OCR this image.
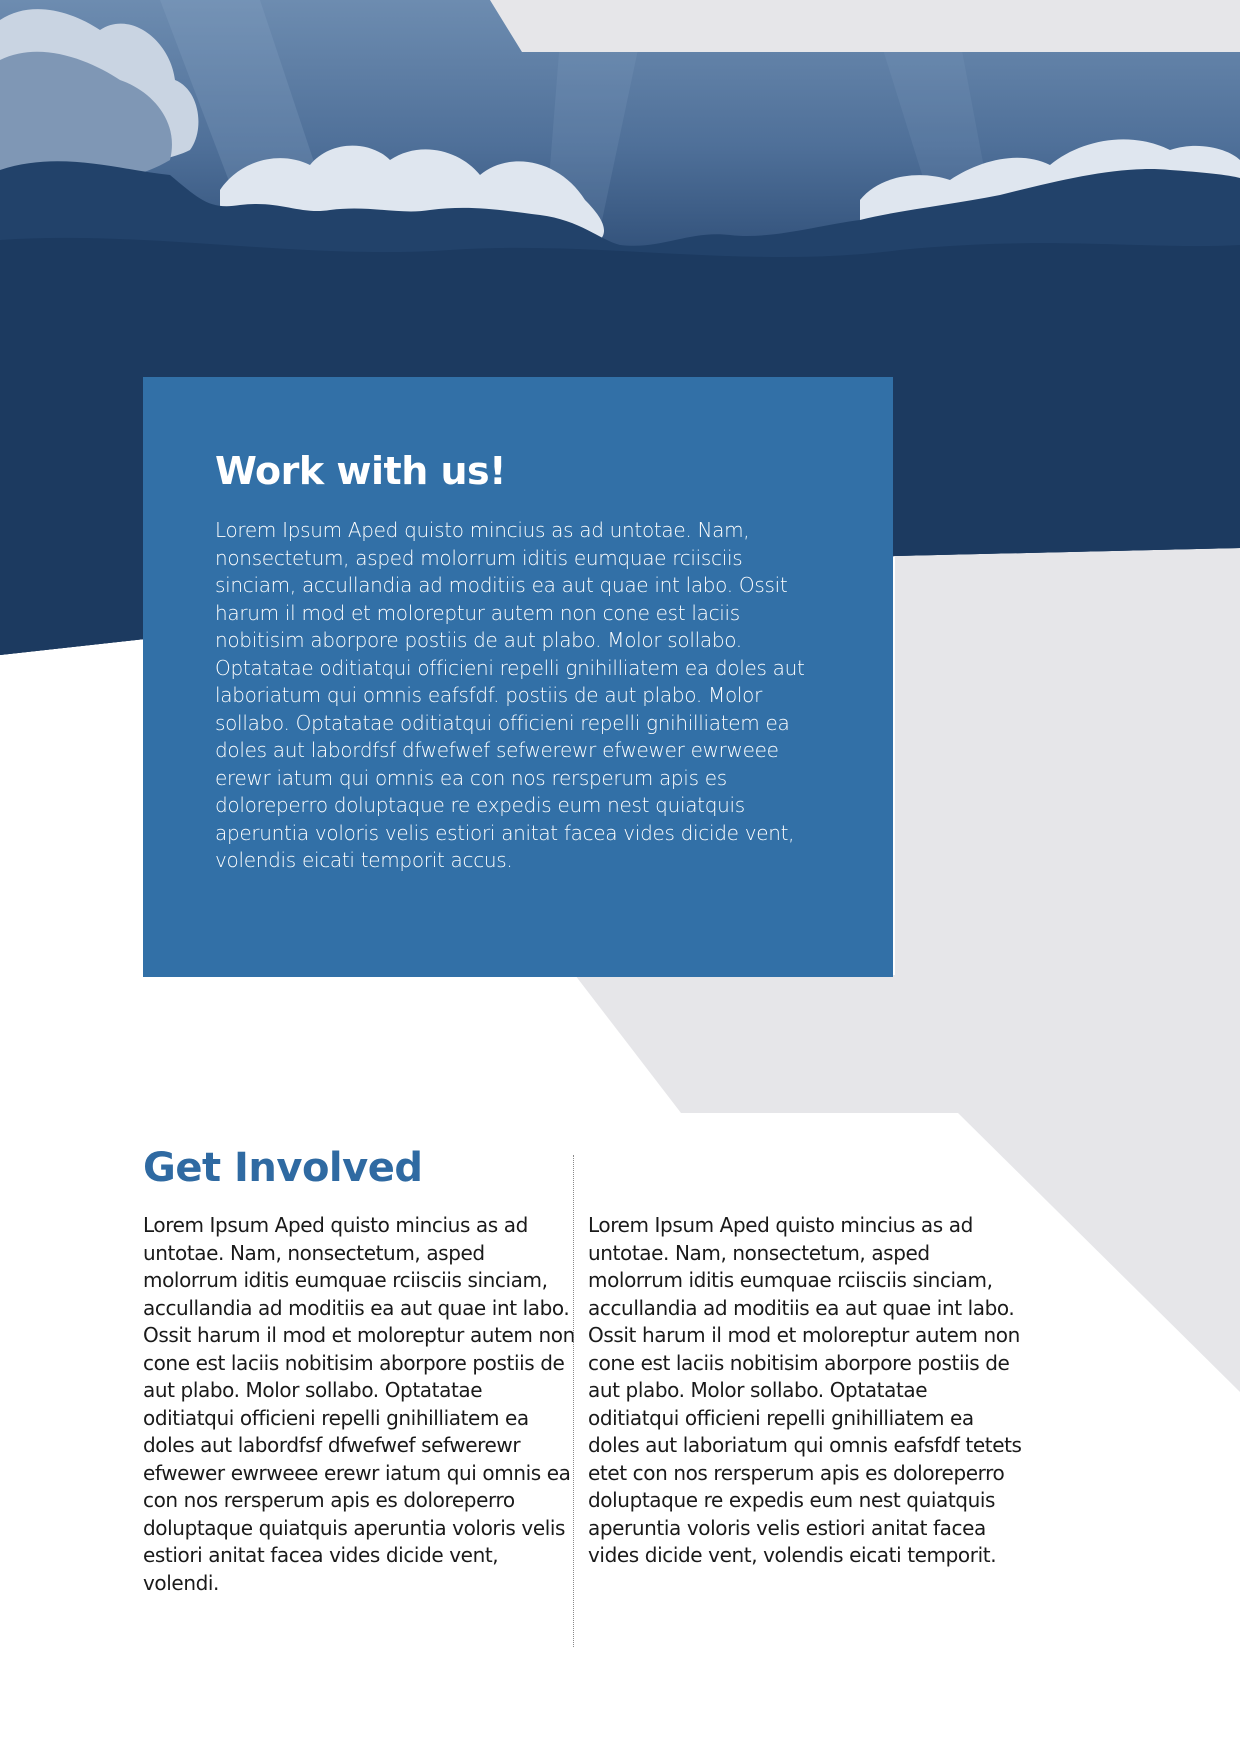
Work with us!

Lorem Ipsum Aped quisto mincius as ad untotae. Nam, nonsectetum, asped molorrum iditis eumquae rciisciis sinciam, accullandia ad moditiis ea aut quae int labo. Ossit harum il mod et moloreptur autem non cone est laciis nobitisim aborpore postiis de aut plabo. Molor sollabo. Optatatae oditiatqui officieni repelli gnihilliatem ea doles aut laboriatum qui omnis eafsfdf. postiis de aut plabo. Molor sollabo. Optatatae oditiatqui officieni repelli gnihilliatem ea doles aut labordfsf dfwefwef sefwerewr efwewer ewrweee erewr iatum qui omnis ea con nos rersperum apis es doloreperro doluptaque re expedis eum nest quiatquis aperuntia voloris velis estiori anitat facea vides dicide vent, volendis eicati temporit accus.

Get Involved

Lorem Ipsum Aped quisto mincius as ad untotae. Nam, nonsectetum, asped molorrum iditis eumquae rciisciis sinciam, accullandia ad moditiis ea aut quae int labo. Ossit harum il mod et moloreptur autem non cone est laciis nobitisim aborpore postiis de aut plabo. Molor sollabo. Optatatae oditiatqui officieni repelli gnihilliatem ea doles aut labordfsf dfwefwef sefwerewr efwewer ewrweee erewr iatum qui omnis ea con nos rersperum apis es doloreperro doluptaque quiatquis aperuntia voloris velis estiori anitat facea vides dicide vent, volendi.

Lorem Ipsum Aped quisto mincius as ad untotae. Nam, nonsectetum, asped molorrum iditis eumquae rciisciis sinciam, accullandia ad moditiis ea aut quae int labo. Ossit harum il mod et moloreptur autem non cone est laciis nobitisim aborpore postiis de aut plabo. Molor sollabo. Optatatae oditiatqui officieni repelli gnihilliatem ea doles aut laboriatum qui omnis eafsfdf tetets etet con nos rersperum apis es doloreperro doluptaque re expedis eum nest quiatquis aperuntia voloris velis estiori anitat facea vides dicide vent, volendis eicati temporit.
